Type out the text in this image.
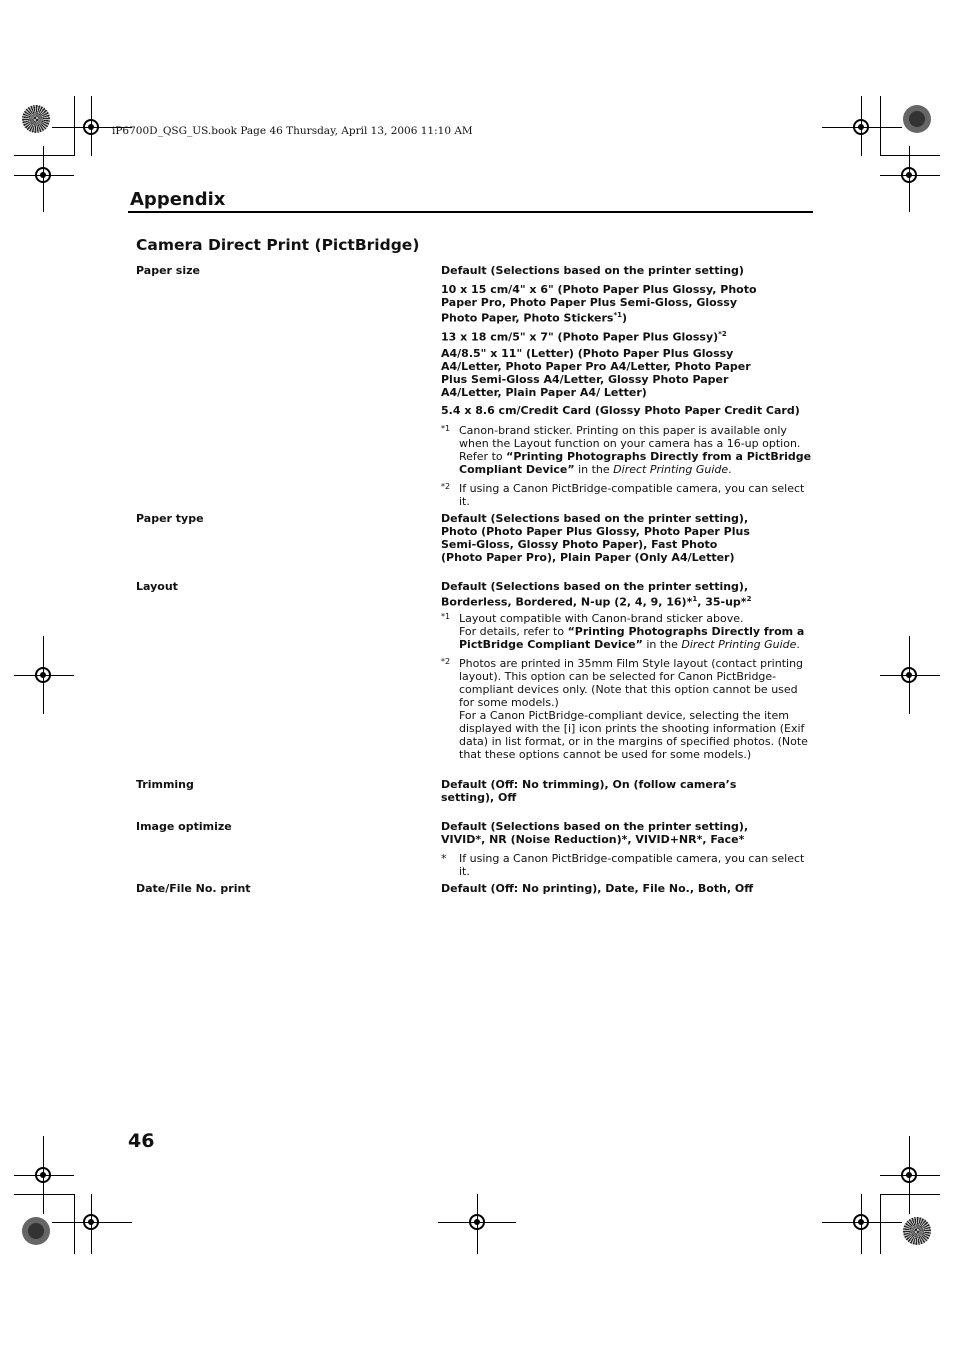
iP6700D_QSG_US.book Page 46 Thursday, April 13, 2006 11:10 AM
Appendix
Camera Direct Print (PictBridge)
Paper size	Default (Selections based on the printer setting)
10 x 15 cm/4" x 6" (Photo Paper Plus Glossy, Photo Paper Pro, Photo Paper Plus Semi-Gloss, Glossy Photo Paper, Photo Stickers$^{*1}$)
13 x 18 cm/5" x 7" (Photo Paper Plus Glossy)$^{*2}$
A4/8.5" x 11" (Letter) (Photo Paper Plus Glossy A4/Letter, Photo Paper Pro A4/Letter, Photo Paper Plus Semi-Gloss A4/Letter, Glossy Photo Paper A4/Letter, Plain Paper A4/ Letter)
5.4 x 8.6 cm/Credit Card (Glossy Photo Paper Credit Card)
*1 Canon-brand sticker. Printing on this paper is available only when the Layout function on your camera has a 16-up option. Refer to “Printing Photographs Directly from a PictBridge Compliant Device” in the Direct Printing Guide.
*2 If using a Canon PictBridge-compatible camera, you can select it.
Paper type	Default (Selections based on the printer setting), Photo (Photo Paper Plus Glossy, Photo Paper Plus Semi-Gloss, Glossy Photo Paper), Fast Photo (Photo Paper Pro), Plain Paper (Only A4/Letter)
Layout	Default (Selections based on the printer setting),
Borderless, Bordered, N-up (2, 4, 9, 16)*$^1$, 35-up*$^2$
*1 Layout compatible with Canon-brand sticker above.
For details, refer to “Printing Photographs Directly from a PictBridge Compliant Device” in the Direct Printing Guide.
*2 Photos are printed in 35mm Film Style layout (contact printing layout). This option can be selected for Canon PictBridge-compliant devices only. (Note that this option cannot be used for some models.)
For a Canon PictBridge-compliant device, selecting the item displayed with the [i] icon prints the shooting information (Exif data) in list format, or in the margins of specified photos. (Note that these options cannot be used for some models.)
Trimming	Default (Off: No trimming), On (follow camera’s setting), Off
Image optimize	Default (Selections based on the printer setting), VIVID*, NR (Noise Reduction)*, VIVID+NR*, Face*
* If using a Canon PictBridge-compatible camera, you can select it.
Date/File No. print	Default (Off: No printing), Date, File No., Both, Off
46
